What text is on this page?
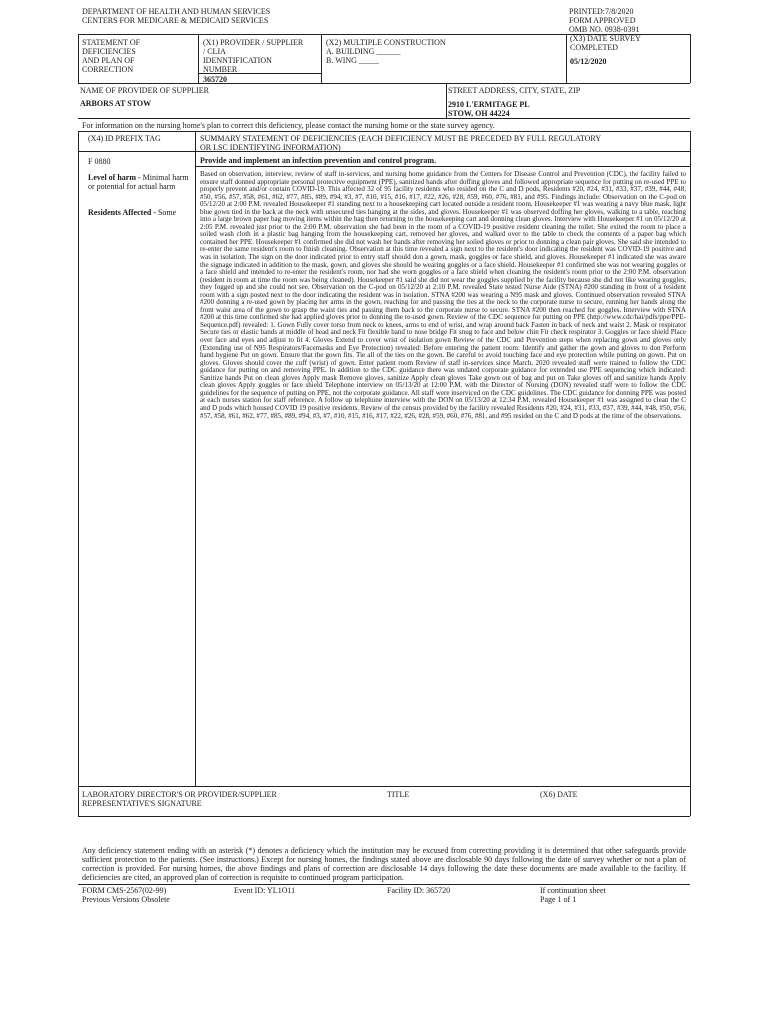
DEPARTMENT OF HEALTH AND HUMAN SERVICES
CENTERS FOR MEDICARE & MEDICAID SERVICES
PRINTED:7/8/2020
FORM APPROVED
OMB NO. 0938-0391
STATEMENT OF
DEFICIENCIES
AND PLAN OF
CORRECTION
(X1) PROVIDER / SUPPLIER
/ CLIA
IDENNTIFICATION
NUMBER
365720
(X2) MULTIPLE CONSTRUCTION
A. BUILDING ______
B. WING _____
(X3) DATE SURVEY
COMPLETED
05/12/2020
NAME OF PROVIDER OF SUPPLIER
ARBORS AT STOW
STREET ADDRESS, CITY, STATE, ZIP
2910 L'ERMITAGE PL
STOW, OH 44224
For information on the nursing home's plan to correct this deficiency, please contact the nursing home or the state survey agency.
(X4) ID PREFIX TAG	SUMMARY STATEMENT OF DEFICIENCIES (EACH DEFICIENCY MUST BE PRECEDED BY FULL REGULATORY
OR LSC IDENTIFYING INFORMATION)
F 0880
Level of harm - Minimal harm or potential for actual harm
Residents Affected - Some
Provide and implement an infection prevention and control program.

Based on observation, interview, review of staff in-services, and nursing home guidance from the Centers for Disease Control and Prevention (CDC), the facility failed to ensure staff donned appropriate personal protective equipment (PPE), sanitized hands after doffing gloves and followed appropriate sequence for putting on re-used PPE to properly prevent and/or contain COVID-19. This affected 32 of 95 facility residents who resided on the C and D pods, Residents #20, #24, #31, #33, #37, #39, #44, #48, #50, #56, #57, #58, #61, #62, #77, #85, #89, #94, #3, #7, #10, #15, #16, #17, #22, #26, #28, #59, #60, #76, #81, and #95. Findings include: Observation on the C-pod on 05/12/20 at 2:00 P.M. revealed Housekeeper #1 standing next to a housekeeping cart located outside a resident room. Housekeeper #1 was wearing a navy blue mask, light blue gown tied in the back at the neck with unsecured ties hanging at the sides, and gloves. Housekeeper #1 was observed doffing her gloves, walking to a table, reaching into a large brown paper bag moving items within the bag then returning to the housekeeping cart and donning clean gloves. Interview with Housekeeper #1 on 05/12/20 at 2:05 P.M. revealed just prior to the 2:00 P.M. observation she had been in the room of a COVID-19 positive resident cleaning the toilet. She exited the room to place a soiled wash cloth in a plastic bag hanging from the housekeeping cart, removed her gloves, and walked over to the table to check the contents of a paper bag which contained her PPE. Housekeeper #1 confirmed she did not wash her hands after removing her soiled gloves or prior to donning a clean pair gloves. She said she intended to re-enter the same resident's room to finish cleaning. Observation at this time revealed a sign next to the resident's door indicating the resident was COVID-19 positive and was in isolation. The sign on the door indicated prior to entry staff should don a gown, mask, goggles or face shield, and gloves. Housekeeper #1 indicated she was aware the signage indicated in addition to the mask, gown, and gloves she should be wearing goggles or a face shield. Housekeeper #1 confirmed she was not wearing goggles or a face shield and intended to re-enter the resident's room, nor had she worn goggles or a face shield when cleaning the resident's room prior to the 2:00 P.M. observation (resident in room at time the room was being cleaned). Housekeeper #1 said she did not wear the goggles supplied by the facility because she did not like wearing goggles, they fogged up and she could not see. Observation on the C-pod on 05/12/20 at 2:10 P.M. revealed State tested Nurse Aide (STNA) #200 standing in front of a resident room with a sign posted next to the door indicating the resident was in isolation. STNA #200 was wearing a N95 mask and gloves. Continued observation revealed STNA #200 donning a re-used gown by placing her arms in the gown, reaching for and passing the ties at the neck to the corporate nurse to secure, running her hands along the front waist area of the gown to grasp the waist ties and passing them back to the corporate nurse to secure. STNA #200 then reached for goggles. Interview with STNA #200 at this time confirmed she had applied gloves prior to donning the re-used gown. Review of the CDC sequence for putting on PPE (http://www.cdc/hai/pdfs/ppe/PPE-Sequence.pdf) revealed: 1. Gown Fully cover torso from neck to knees, arms to end of wrist, and wrap around back Fasten in back of neck and waist 2. Mask or respirator Secure ties or elastic bands at middle of head and neck Fit flexible band to nose bridge Fit snug to face and below chin Fit check respirator 3. Goggles or face shield Place over face and eyes and adjust to fit 4. Gloves Extend to cover wrist of isolation gown Review of the CDC and Prevention steps when replacing gown and gloves only (Extending use of N95 Respirators/Facemasks and Eye Protection) revealed: Before entering the patient room: Identify and gather the gown and gloves to don Perform hand hygiene Put on gown. Ensure that the gown fits. Tie all of the ties on the gown. Be careful to avoid touching face and eye protection while putting on gown. Put on gloves. Gloves should cover the cuff (wrist) of gown. Enter patient room Review of staff in-services since March, 2020 revealed staff were trained to follow the CDC guidance for putting on and removing PPE. In addition to the CDC guidance there was undated corporate guidance for extended use PPE sequencing which indicated: Sanitize hands Put on clean gloves Apply mask Remove gloves, sanitize Apply clean gloves Take gown out of bag and put on Take gloves off and sanitize hands Apply clean gloves Apply goggles or face shield Telephone interview on 05/13/20 at 12:00 P.M. with the Director of Nursing (DON) revealed staff were to follow the CDC guidelines for the sequence of putting on PPE, not the corporate guidance. All staff were inserviced on the CDC guidelines. The CDC guidance for donning PPE was posted at each nurses station for staff reference. A follow up telephone interview with the DON on 05/13/20 at 12:34 P.M. revealed Housekeeper #1 was assigned to clean the C and D pods which housed COVID 19 positive residents. Review of the census provided by the facility revealed Residents #20, #24, #31, #33, #37, #39, #44, #48, #50, #56, #57, #58, #61, #62, #77, #85, #89, #94, #3, #7, #10, #15, #16, #17, #22, #26, #28, #59, #60, #76, #81, and #95 resided on the C and D pods at the time of the observations.

LABORATORY DIRECTOR'S OR PROVIDER/SUPPLIER
REPRESENTATIVE'S SIGNATURE
TITLE	(X6) DATE
Any deficiency statement ending with an asterisk (*) denotes a deficiency which the institution may be excused from correcting providing it is determined that other safeguards provide sufficient protection to the patients. (See instructions.) Except for nursing homes, the findings stated above are disclosable 90 days following the date of survey whether or not a plan of correction is provided. For nursing homes, the above findings and plans of correction are disclosable 14 days following the date these documents are made available to the facility. If deficiencies are cited, an approved plan of correction is requisite to continued program participation.
FORM CMS-2567(02-99)
Previous Versions Obsolete
Event ID: YL1O11	Facility ID: 365720	If continuation sheet
Page 1 of 1
